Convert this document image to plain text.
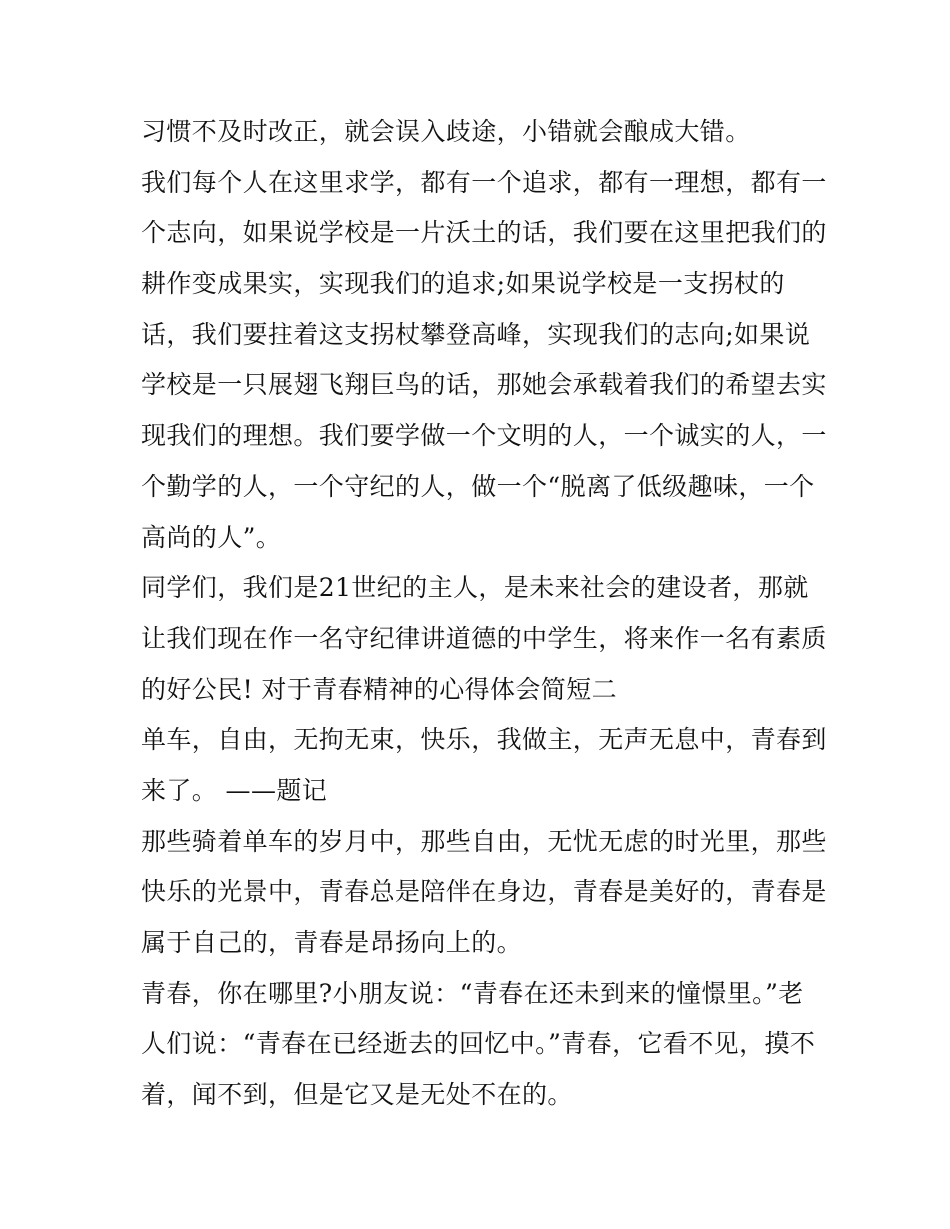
习惯不及时改正，就会误入歧途，小错就会酿成大错。
我们每个人在这里求学，都有一个追求，都有一理想，都有一
个志向，如果说学校是一片沃土的话，我们要在这里把我们的
耕作变成果实，实现我们的追求;如果说学校是一支拐杖的
话，我们要拄着这支拐杖攀登高峰，实现我们的志向;如果说
学校是一只展翅飞翔巨鸟的话，那她会承载着我们的希望去实
现我们的理想。我们要学做一个文明的人，一个诚实的人，一
个勤学的人，一个守纪的人，做一个“脱离了低级趣味，一个
高尚的人”。
同学们，我们是21世纪的主人，是未来社会的建设者，那就
让我们现在作一名守纪律讲道德的中学生，将来作一名有素质
的好公民! 对于青春精神的心得体会简短二
单车，自由，无拘无束，快乐，我做主，无声无息中，青春到
来了。 ——题记
那些骑着单车的岁月中，那些自由，无忧无虑的时光里，那些
快乐的光景中，青春总是陪伴在身边，青春是美好的，青春是
属于自己的，青春是昂扬向上的。
青春，你在哪里?小朋友说：“青春在还未到来的憧憬里。”老
人们说：“青春在已经逝去的回忆中。”青春，它看不见，摸不
着，闻不到，但是它又是无处不在的。
